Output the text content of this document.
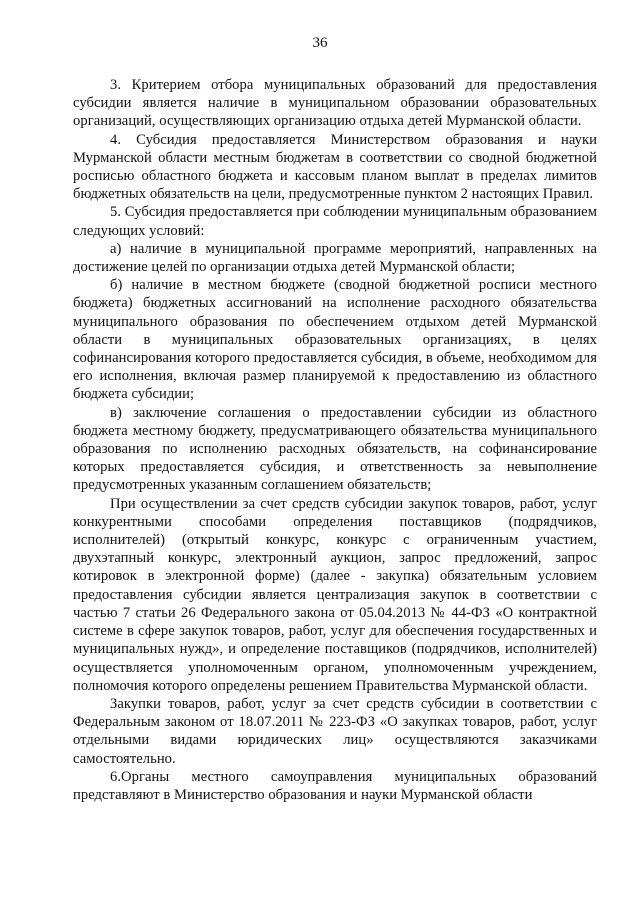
36

3. Критерием отбора муниципальных образований для предоставления субсидии является наличие в муниципальном образовании образовательных организаций, осуществляющих организацию отдыха детей Мурманской области.

4. Субсидия предоставляется Министерством образования и науки Мурманской области местным бюджетам в соответствии со сводной бюджетной росписью областного бюджета и кассовым планом выплат в пределах лимитов бюджетных обязательств на цели, предусмотренные пунктом 2 настоящих Правил.

5. Субсидия предоставляется при соблюдении муниципальным образованием следующих условий:

а) наличие в муниципальной программе мероприятий, направленных на достижение целей по организации отдыха детей Мурманской области;

б) наличие в местном бюджете (сводной бюджетной росписи местного бюджета) бюджетных ассигнований на исполнение расходного обязательства муниципального образования по обеспечением отдыхом детей Мурманской области в муниципальных образовательных организациях, в целях софинансирования которого предоставляется субсидия, в объеме, необходимом для его исполнения, включая размер планируемой к предоставлению из областного бюджета субсидии;

в) заключение соглашения о предоставлении субсидии из областного бюджета местному бюджету, предусматривающего обязательства муниципального образования по исполнению расходных обязательств, на софинансирование которых предоставляется субсидия, и ответственность за невыполнение предусмотренных указанным соглашением обязательств;

При осуществлении за счет средств субсидии закупок товаров, работ, услуг конкурентными способами определения поставщиков (подрядчиков, исполнителей) (открытый конкурс, конкурс с ограниченным участием, двухэтапный конкурс, электронный аукцион, запрос предложений, запрос котировок в электронной форме) (далее - закупка) обязательным условием предоставления субсидии является централизация закупок в соответствии с частью 7 статьи 26 Федерального закона от 05.04.2013 № 44-ФЗ «О контрактной системе в сфере закупок товаров, работ, услуг для обеспечения государственных и муниципальных нужд», и определение поставщиков (подрядчиков, исполнителей) осуществляется уполномоченным органом, уполномоченным учреждением, полномочия которого определены решением Правительства Мурманской области.

Закупки товаров, работ, услуг за счет средств субсидии в соответствии с Федеральным законом от 18.07.2011 № 223-ФЗ «О закупках товаров, работ, услуг отдельными видами юридических лиц» осуществляются заказчиками самостоятельно.

6.Органы местного самоуправления муниципальных образований представляют в Министерство образования и науки Мурманской области
